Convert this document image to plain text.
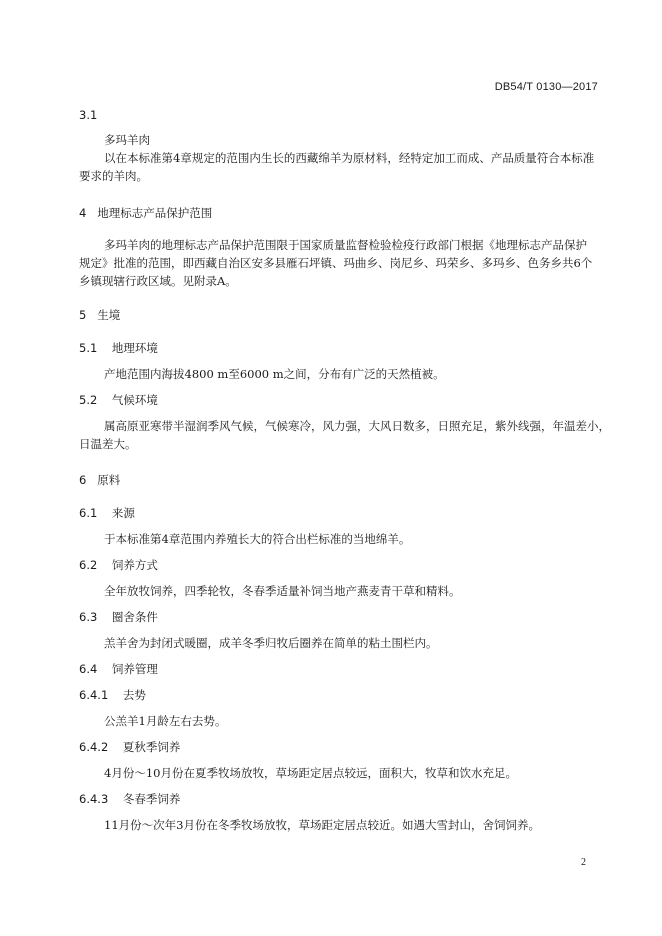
DB54/T 0130—2017
3.1
多玛羊肉
以在本标准第4章规定的范围内生长的西藏绵羊为原材料，经特定加工而成、产品质量符合本标准
要求的羊肉。
4 地理标志产品保护范围
多玛羊肉的地理标志产品保护范围限于国家质量监督检验检疫行政部门根据《地理标志产品保护
规定》批准的范围，即西藏自治区安多县雁石坪镇、玛曲乡、岗尼乡、玛荣乡、多玛乡、色务乡共6个
乡镇现辖行政区域。见附录A。
5 生境
5.1 地理环境
产地范围内海拔4800 m至6000 m之间，分布有广泛的天然植被。
5.2 气候环境
属高原亚寒带半湿润季风气候，气候寒冷，风力强，大风日数多，日照充足，紫外线强，年温差小，
日温差大。
6 原料
6.1 来源
于本标准第4章范围内养殖长大的符合出栏标准的当地绵羊。
6.2 饲养方式
全年放牧饲养，四季轮牧，冬春季适量补饲当地产燕麦青干草和精料。
6.3 圈舍条件
羔羊舍为封闭式暖圈，成羊冬季归牧后圈养在简单的粘土围栏内。
6.4 饲养管理
6.4.1 去势
公羔羊1月龄左右去势。
6.4.2 夏秋季饲养
4月份～10月份在夏季牧场放牧，草场距定居点较远，面积大，牧草和饮水充足。
6.4.3 冬春季饲养
11月份～次年3月份在冬季牧场放牧，草场距定居点较近。如遇大雪封山，舍饲饲养。
2
